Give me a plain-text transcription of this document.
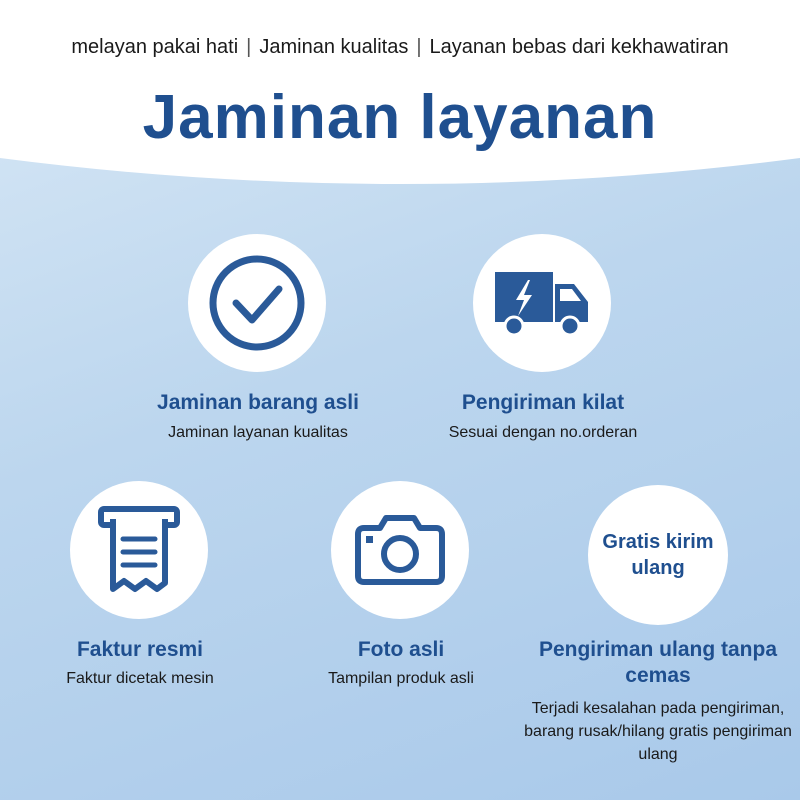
melayan pakai hati | Jaminan kualitas | Layanan bebas dari kekhawatiran
Jaminan layanan
Jaminan barang asli
Jaminan layanan kualitas
Pengiriman kilat
Sesuai dengan no.orderan
Faktur resmi
Faktur dicetak mesin
Foto asli
Tampilan produk asli
Gratis kirim ulang
Pengiriman ulang tanpa cemas
Terjadi kesalahan pada pengiriman, barang rusak/hilang gratis pengiriman ulang
